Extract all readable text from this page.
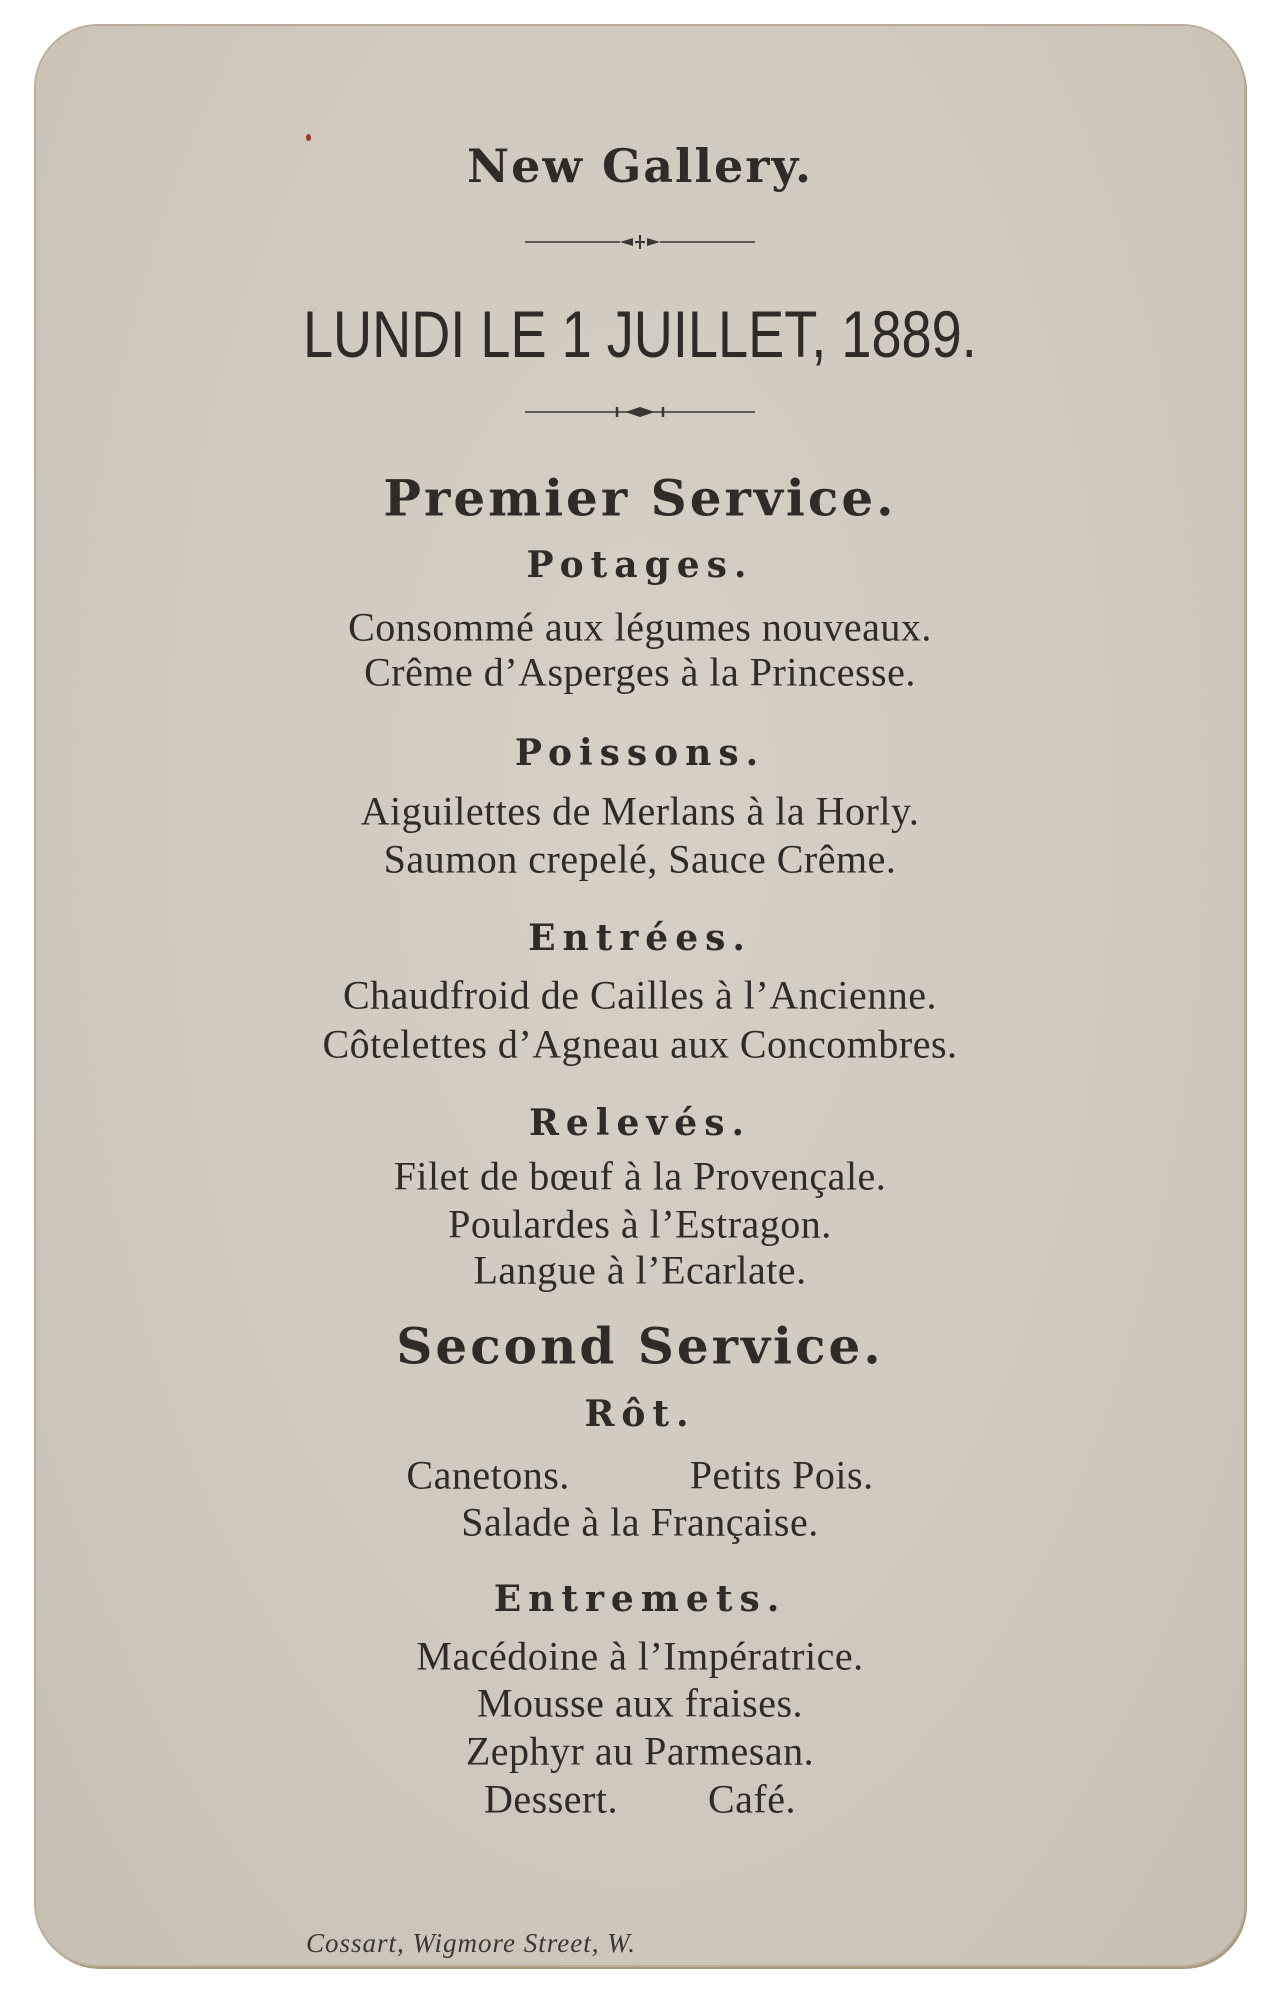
New Gallery.
LUNDI LE 1 JUILLET, 1889.
Premier Service.
Potages.
Consommé aux légumes nouveaux.
Crême d’Asperges à la Princesse.
Poissons.
Aiguilettes de Merlans à la Horly.
Saumon crepelé, Sauce Crême.
Entrées.
Chaudfroid de Cailles à l’Ancienne.
Côtelettes d’Agneau aux Concombres.
Relevés.
Filet de bœuf à la Provençale.
Poulardes à l’Estragon.
Langue à l’Ecarlate.
Second Service.
Rôt.
Canetons.	Petits Pois.
Salade à la Française.
Entremets.
Macédoine à l’Impératrice.
Mousse aux fraises.
Zephyr au Parmesan.
Dessert. Café.
Cossart, Wigmore Street, W.
